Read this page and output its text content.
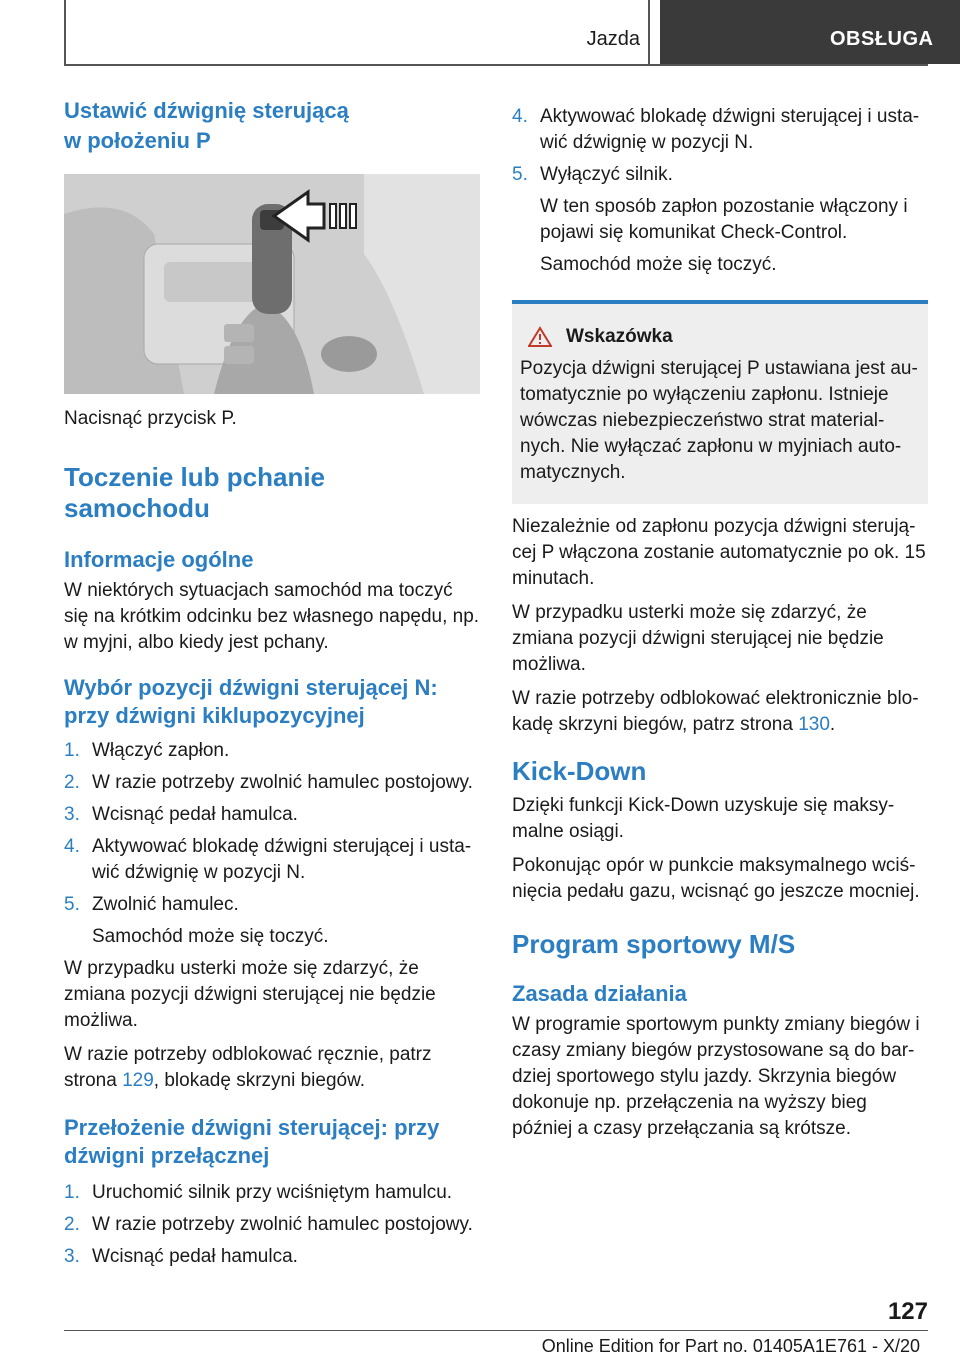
Jazda	OBSŁUGA
Ustawić dźwignię sterującą
w położeniu P

Nacisnąć przycisk P.

Toczenie lub pchanie
samochodu
Informacje ogólne

W niektórych sytuacjach samochód ma toczyć się na krótkim odcinku bez własnego napędu, np. w myjni, albo kiedy jest pchany.

Wybór pozycji dźwigni sterującej N:
przy dźwigni kiklupozycyjnej
1. Włączyć zapłon.
2. W razie potrzeby zwolnić hamulec postojowy.
3. Wcisnąć pedał hamulca.
4. Aktywować blokadę dźwigni sterującej i usta‐wić dźwignię w pozycji N.
5. Zwolnić hamulec.

Samochód może się toczyć.

W przypadku usterki może się zdarzyć, że zmiana pozycji dźwigni sterującej nie będzie możliwa.

W razie potrzeby odblokować ręcznie, patrz strona 129, blokadę skrzyni biegów.

Przełożenie dźwigni sterującej: przy
dźwigni przełącznej
1. Uruchomić silnik przy wciśniętym hamulcu.
2. W razie potrzeby zwolnić hamulec postojowy.
3. Wcisnąć pedał hamulca.
4. Aktywować blokadę dźwigni sterującej i usta‐wić dźwignię w pozycji N.
5. Wyłączyć silnik.

W ten sposób zapłon pozostanie włączony i pojawi się komunikat Check-Control.

Samochód może się toczyć.

Wskazówka

Pozycja dźwigni sterującej P ustawiana jest au‐tomatycznie po wyłączeniu zapłonu. Istnieje wówczas niebezpieczeństwo strat material‐nych. Nie wyłączać zapłonu w myjniach auto‐matycznych.

Niezależnie od zapłonu pozycja dźwigni sterują‐cej P włączona zostanie automatycznie po ok. 15 minutach.

W przypadku usterki może się zdarzyć, że zmiana pozycji dźwigni sterującej nie będzie możliwa.

W razie potrzeby odblokować elektronicznie blo‐kadę skrzyni biegów, patrz strona 130.

Kick-Down

Dzięki funkcji Kick-Down uzyskuje się maksy‐malne osiągi.

Pokonując opór w punkcie maksymalnego wciś‐nięcia pedału gazu, wcisnąć go jeszcze mocniej.

Program sportowy M/S
Zasada działania

W programie sportowym punkty zmiany biegów i czasy zmiany biegów przystosowane są do bar‐dziej sportowego stylu jazdy. Skrzynia biegów dokonuje np. przełączenia na wyższy bieg później a czasy przełączania są krótsze.

127
Online Edition for Part no. 01405A1E761 - X/20
